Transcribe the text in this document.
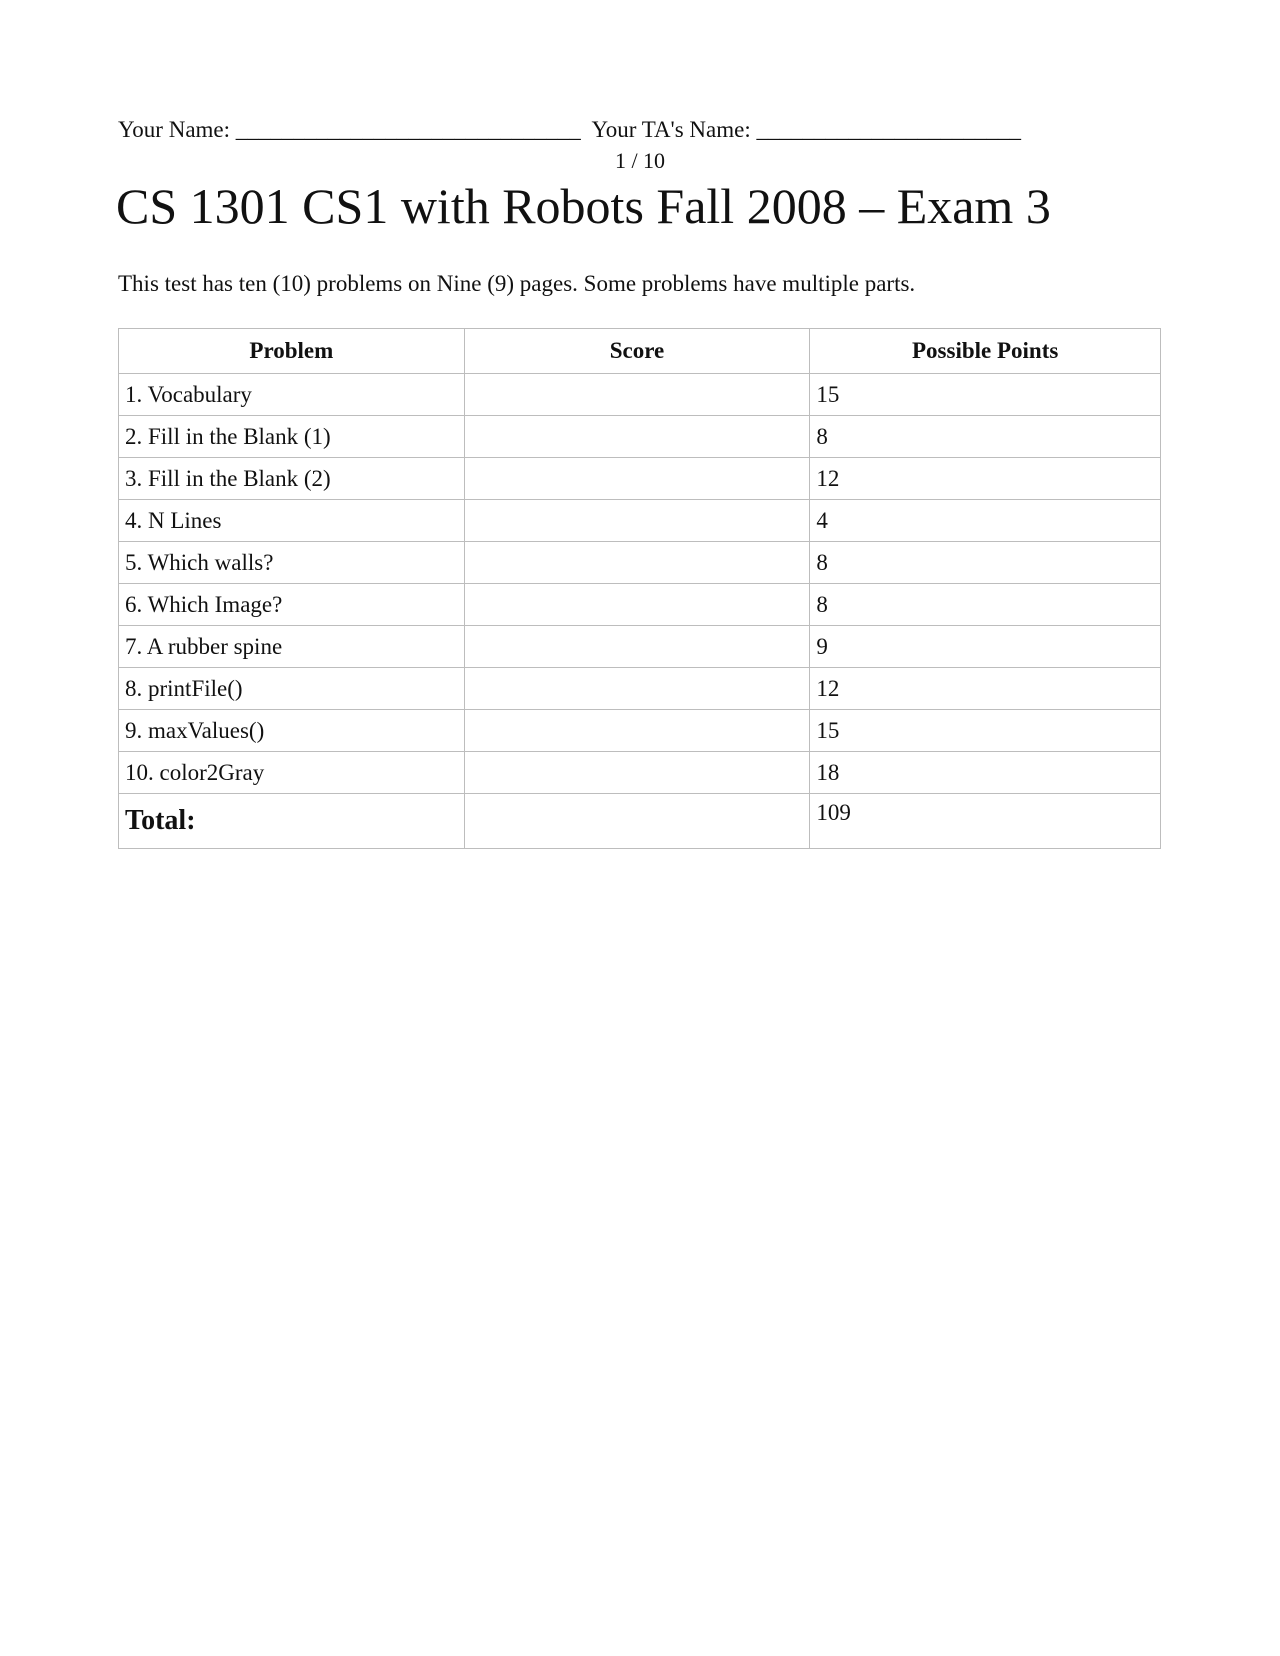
Your Name: ______________________________ Your TA's Name: _______________________
1 / 10
CS 1301 CS1 with Robots Fall 2008 – Exam 3

This test has ten (10) problems on Nine (9) pages. Some problems have multiple parts.

Problem	Score	Possible Points
1. Vocabulary		15
2. Fill in the Blank (1)		8
3. Fill in the Blank (2)		12
4. N Lines		4
5. Which walls?		8
6. Which Image?		8
7. A rubber spine		9
8. printFile()		12
9. maxValues()		15
10. color2Gray		18
Total:		109
